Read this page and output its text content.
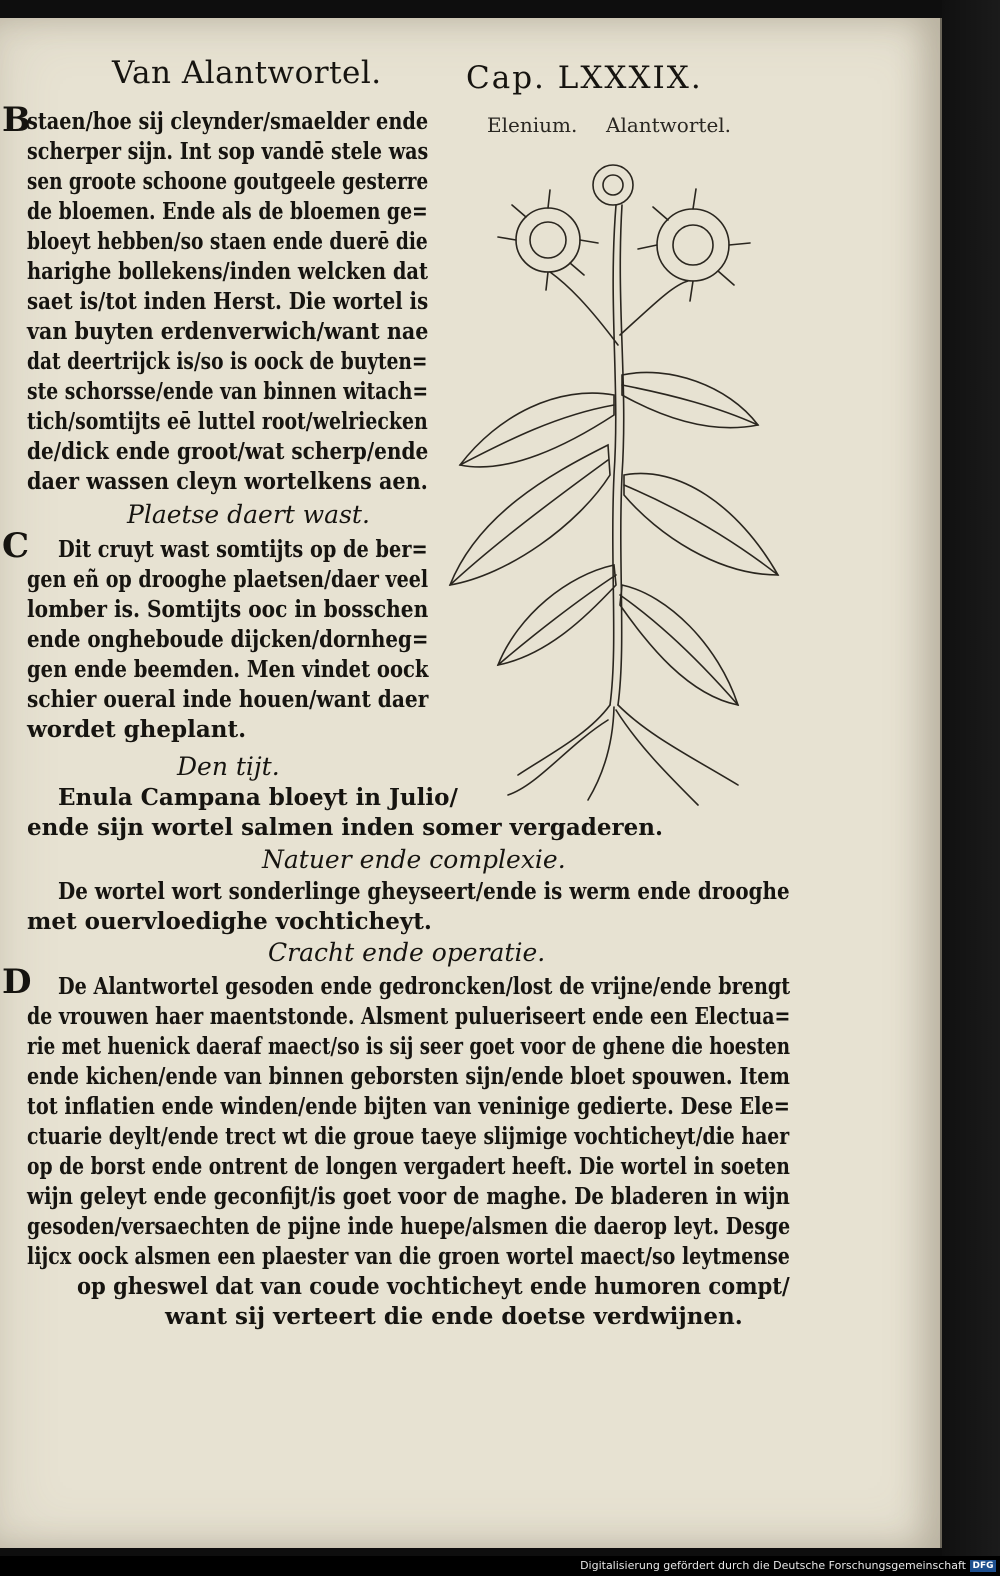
Van Alantwortel.	Cap. LXXXIX.
Elenium. Alantwortel.
B
C
D
staen/hoe sij cleynder/smaelder ende
scherper sijn. Int sop vandē stele was
sen groote schoone goutgeele gesterre
de bloemen. Ende als de bloemen ge=
bloeyt hebben/so staen ende duerē die
harighe bollekens/inden welcken dat
saet is/tot inden Herst. Die wortel is
van buyten erdenverwich/want nae
dat deertrijck is/so is oock de buyten=
ste schorsse/ende van binnen witach=
tich/somtijts eē luttel root/welriecken
de/dick ende groot/wat scherp/ende
daer wassen cleyn wortelkens aen.
Plaetse daert wast.
Dit cruyt wast somtijts op de ber=
gen eñ op drooghe plaetsen/daer veel
lomber is. Somtijts ooc in bosschen
ende ongheboude dijcken/dornheg=
gen ende beemden. Men vindet oock
schier oueral inde houen/want daer
wordet gheplant.
Den tijt.
Enula Campana bloeyt in Julio/
ende sijn wortel salmen inden somer vergaderen.
Natuer ende complexie.
De wortel wort sonderlinge gheyseert/ende is werm ende drooghe
met ouervloedighe vochticheyt.
Cracht ende operatie.
De Alantwortel gesoden ende gedroncken/lost de vrijne/ende brengt
de vrouwen haer maentstonde. Alsment pulueriseert ende een Electua=
rie met huenick daeraf maect/so is sij seer goet voor de ghene die hoesten
ende kichen/ende van binnen geborsten sijn/ende bloet spouwen. Item
tot inflatien ende winden/ende bijten van veninige gedierte. Dese Ele=
ctuarie deylt/ende trect wt die groue taeye slijmige vochticheyt/die haer
op de borst ende ontrent de longen vergadert heeft. Die wortel in soeten
wijn geleyt ende geconfijt/is goet voor de maghe. De bladeren in wijn
gesoden/versaechten de pijne inde huepe/alsmen die daerop leyt. Desge
lijcx oock alsmen een plaester van die groen wortel maect/so leytmense
op gheswel dat van coude vochticheyt ende humoren compt/
want sij verteert die ende doetse verdwijnen.
Digitalisierung gefördert durch die Deutsche Forschungsgemeinschaft DFG
